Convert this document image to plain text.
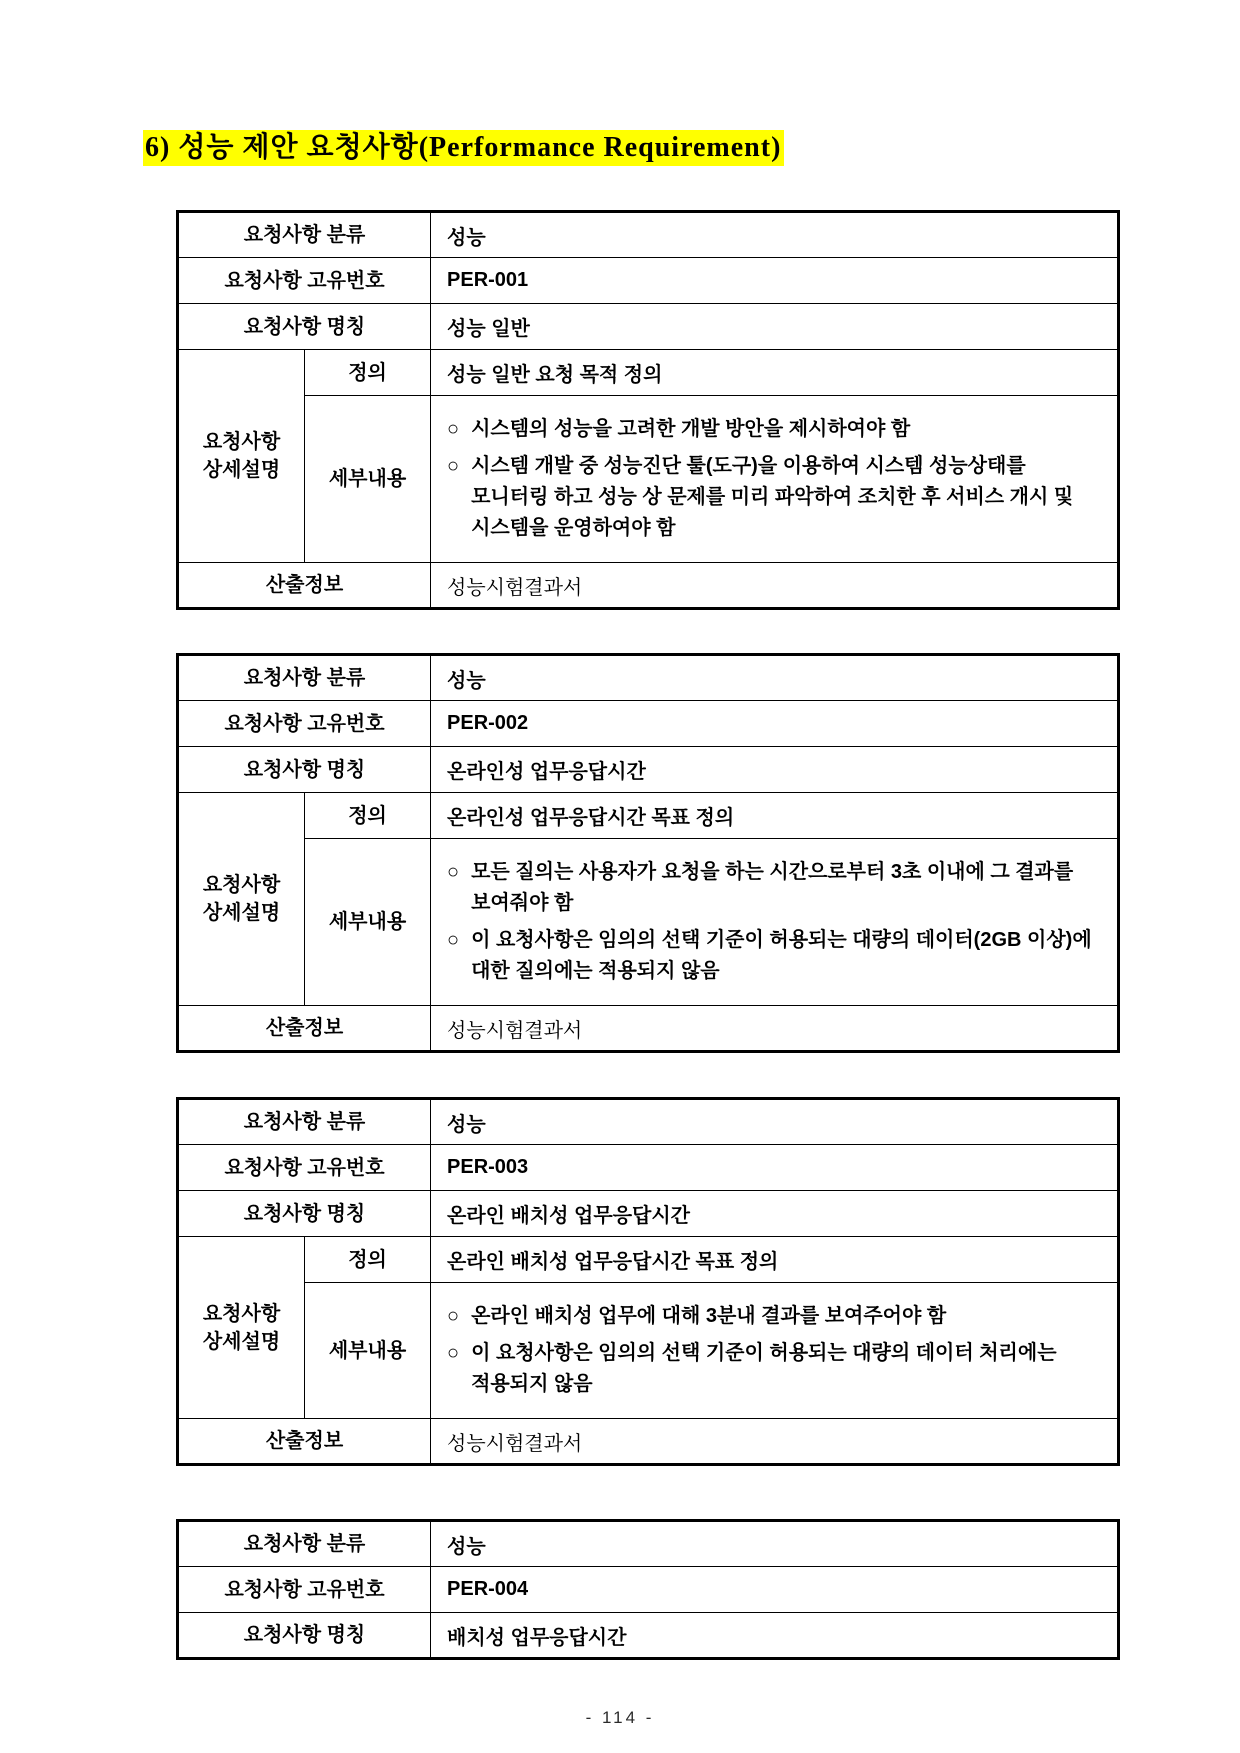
6) 성능 제안 요청사항(Performance Requirement)
요청사항 분류		성능
요청사항 고유번호		PER-001
요청사항 명칭		성능 일반
요청사항 상세설명	정의	성능 일반 요청 목적 정의
	세부내용	○ 시스템의 성능을 고려한 개발 방안을 제시하여야 함
○ 시스템 개발 중 성능진단 툴(도구)을 이용하여 시스템 성능상태를 모니터링 하고 성능 상 문제를 미리 파악하여 조치한 후 서비스 개시 및 시스템을 운영하여야 함

산출정보		성능시험결과서
요청사항 분류		성능
요청사항 고유번호		PER-002
요청사항 명칭		온라인성 업무응답시간
요청사항 상세설명	정의	온라인성 업무응답시간 목표 정의
	세부내용	○ 모든 질의는 사용자가 요청을 하는 시간으로부터 3초 이내에 그 결과를 보여줘야 함
○ 이 요청사항은 임의의 선택 기준이 허용되는 대량의 데이터(2GB 이상)에 대한 질의에는 적용되지 않음

산출정보		성능시험결과서
요청사항 분류		성능
요청사항 고유번호		PER-003
요청사항 명칭		온라인 배치성 업무응답시간
요청사항 상세설명	정의	온라인 배치성 업무응답시간 목표 정의
	세부내용	○ 온라인 배치성 업무에 대해 3분내 결과를 보여주어야 함
○ 이 요청사항은 임의의 선택 기준이 허용되는 대량의 데이터 처리에는 적용되지 않음

산출정보		성능시험결과서
요청사항 분류	성능
요청사항 고유번호	PER-004
요청사항 명칭	배치성 업무응답시간
- 114 -
